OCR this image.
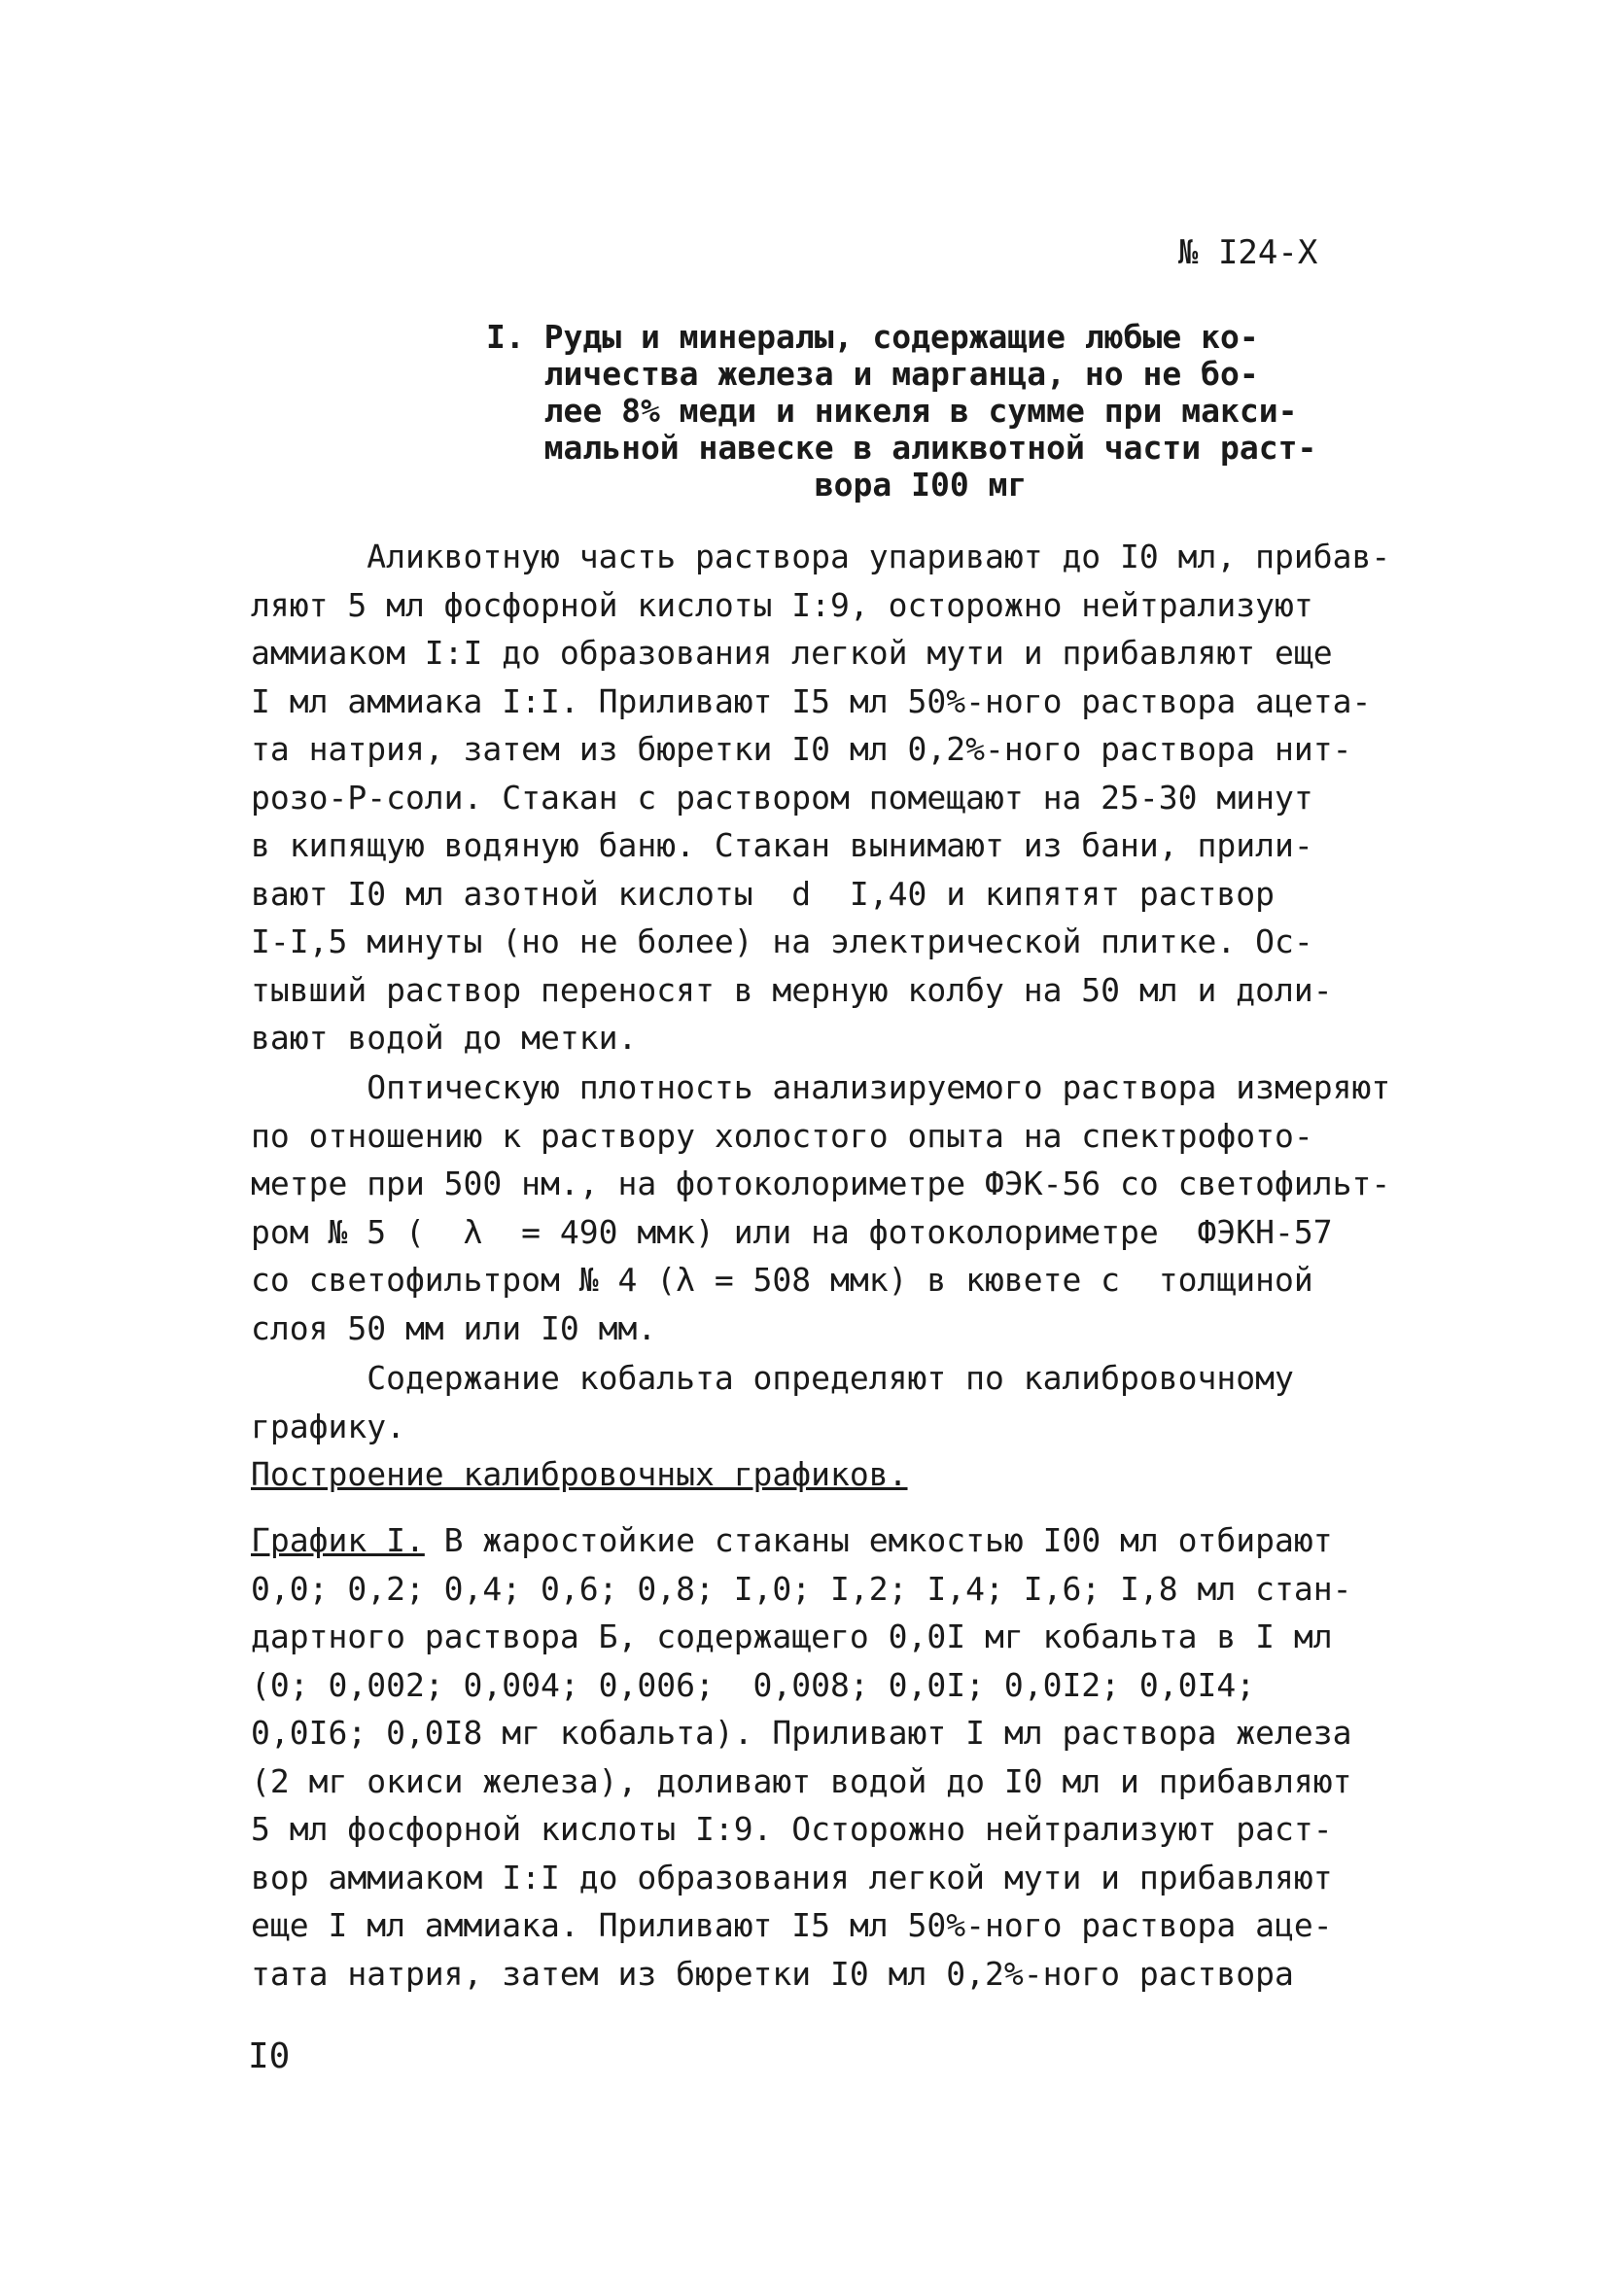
№ I24-X
I. Руды и минералы, содержащие любые ко-
личества железа и марганца, но не бо-
лее 8% меди и никеля в сумме при макси-
мальной навеске в аликвотной части раст-
вора I00 мг
Аликвотную часть раствора упаривают до I0 мл, прибав-
ляют 5 мл фосфорной кислоты I:9, осторожно нейтрализуют
аммиаком I:I до образования легкой мути и прибавляют еще
I мл аммиака I:I. Приливают I5 мл 50%-ного раствора ацета-
та натрия, затем из бюретки I0 мл 0,2%-ного раствора нит-
розо-Р-соли. Стакан с раствором помещают на 25-30 минут
в кипящую водяную баню. Стакан вынимают из бани, прили-
вают I0 мл азотной кислоты  d  I,40 и кипятят раствор
I-I,5 минуты (но не более) на электрической плитке. Ос-
тывший раствор переносят в мерную колбу на 50 мл и доли-
вают водой до метки.
Оптическую плотность анализируемого раствора измеряют
по отношению к раствору холостого опыта на спектрофото-
метре при 500 нм., на фотоколориметре ФЭК-56 со светофильт-
ром № 5 (  λ  = 490 ммк) или на фотоколориметре  ФЭКН-57
со светофильтром № 4 (λ = 508 ммк) в кювете с  толщиной
слоя 50 мм или I0 мм.
Содержание кобальта определяют по калибровочному
графику.
Построение калибровочных графиков.
График I. В жаростойкие стаканы емкостью I00 мл отбирают
0,0; 0,2; 0,4; 0,6; 0,8; I,0; I,2; I,4; I,6; I,8 мл стан-
дартного раствора Б, содержащего 0,0I мг кобальта в I мл
(0; 0,002; 0,004; 0,006;  0,008; 0,0I; 0,0I2; 0,0I4;
0,0I6; 0,0I8 мг кобальта). Приливают I мл раствора железа
(2 мг окиси железа), доливают водой до I0 мл и прибавляют
5 мл фосфорной кислоты I:9. Осторожно нейтрализуют раст-
вор аммиаком I:I до образования легкой мути и прибавляют
еще I мл аммиака. Приливают I5 мл 50%-ного раствора аце-
тата натрия, затем из бюретки I0 мл 0,2%-ного раствора
I0
